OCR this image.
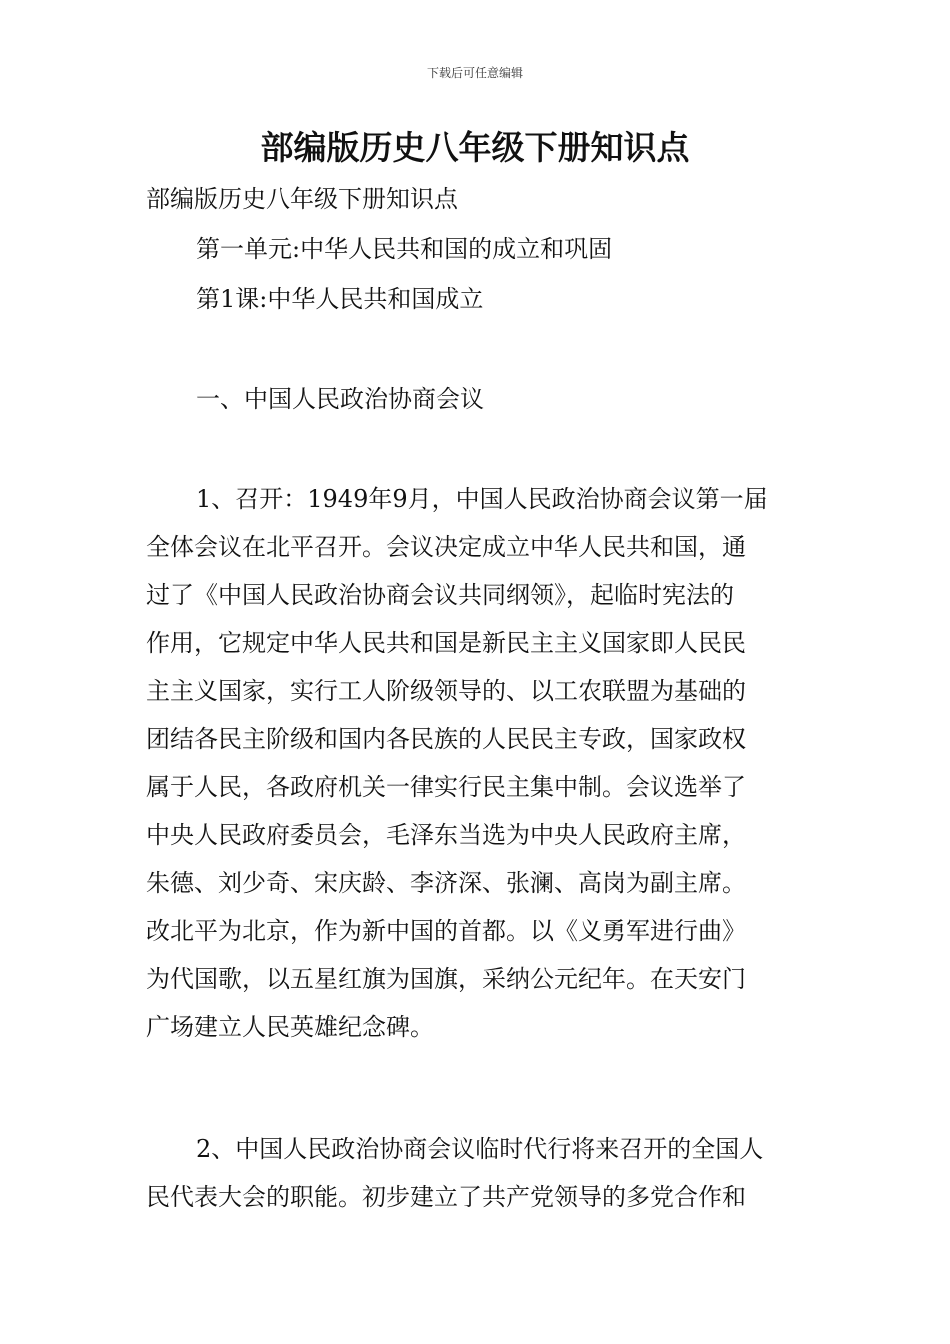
下载后可任意编辑
部编版历史八年级下册知识点
部编版历史八年级下册知识点
第一单元:中华人民共和国的成立和巩固
第1课:中华人民共和国成立
一、中国人民政治协商会议
1、召开：1949年9月，中国人民政治协商会议第一届
全体会议在北平召开。会议决定成立中华人民共和国，通
过了《中国人民政治协商会议共同纲领》，起临时宪法的
作用，它规定中华人民共和国是新民主主义国家即人民民
主主义国家，实行工人阶级领导的、以工农联盟为基础的
团结各民主阶级和国内各民族的人民民主专政，国家政权
属于人民，各政府机关一律实行民主集中制。会议选举了
中央人民政府委员会，毛泽东当选为中央人民政府主席，
朱德、刘少奇、宋庆龄、李济深、张澜、高岗为副主席。
改北平为北京，作为新中国的首都。以《义勇军进行曲》
为代国歌，以五星红旗为国旗，采纳公元纪年。在天安门
广场建立人民英雄纪念碑。
2、中国人民政治协商会议临时代行将来召开的全国人
民代表大会的职能。初步建立了共产党领导的多党合作和
